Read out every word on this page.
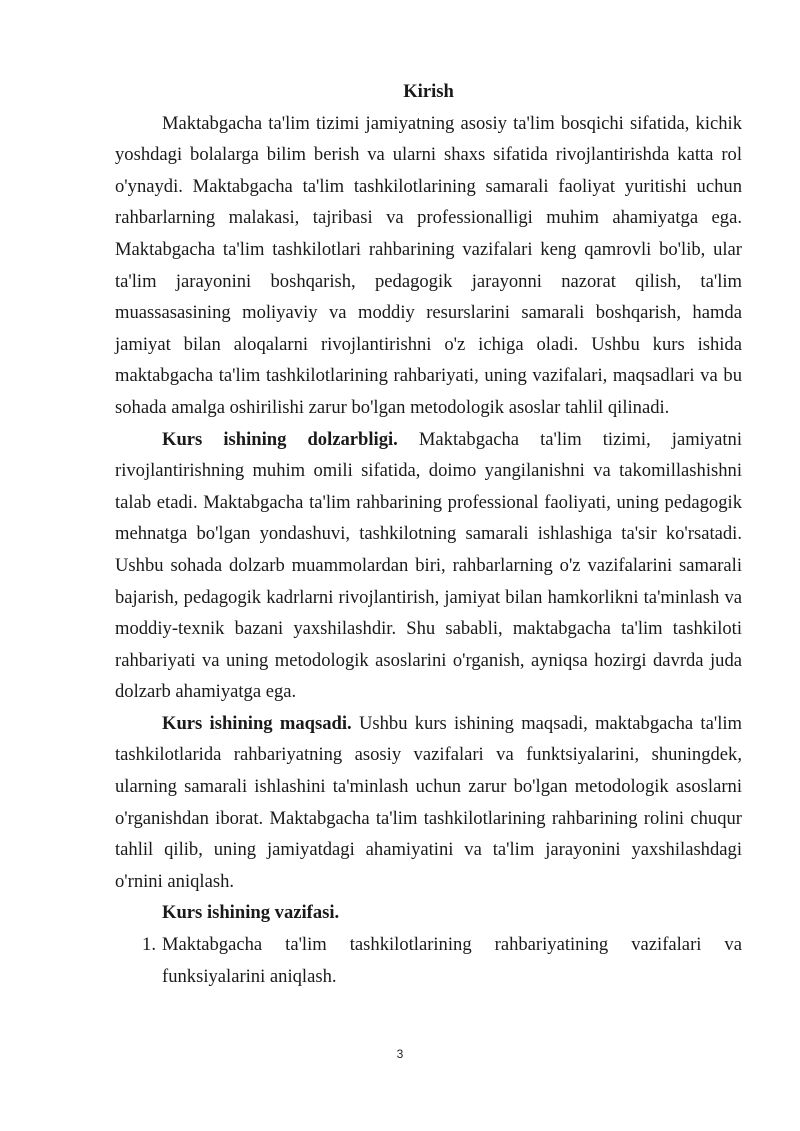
Kirish

Maktabgacha ta'lim tizimi jamiyatning asosiy ta'lim bosqichi sifatida, kichik yoshdagi bolalarga bilim berish va ularni shaxs sifatida rivojlantirishda katta rol o'ynaydi. Maktabgacha ta'lim tashkilotlarining samarali faoliyat yuritishi uchun rahbarlarning malakasi, tajribasi va professionalligi muhim ahamiyatga ega. Maktabgacha ta'lim tashkilotlari rahbarining vazifalari keng qamrovli bo'lib, ular ta'lim jarayonini boshqarish, pedagogik jarayonni nazorat qilish, ta'lim muassasasining moliyaviy va moddiy resurslarini samarali boshqarish, hamda jamiyat bilan aloqalarni rivojlantirishni o'z ichiga oladi. Ushbu kurs ishida maktabgacha ta'lim tashkilotlarining rahbariyati, uning vazifalari, maqsadlari va bu sohada amalga oshirilishi zarur bo'lgan metodologik asoslar tahlil qilinadi.

Kurs ishining dolzarbligi. Maktabgacha ta'lim tizimi, jamiyatni rivojlantirishning muhim omili sifatida, doimo yangilanishni va takomillashishni talab etadi. Maktabgacha ta'lim rahbarining professional faoliyati, uning pedagogik mehnatga bo'lgan yondashuvi, tashkilotning samarali ishlashiga ta'sir ko'rsatadi. Ushbu sohada dolzarb muammolardan biri, rahbarlarning o'z vazifalarini samarali bajarish, pedagogik kadrlarni rivojlantirish, jamiyat bilan hamkorlikni ta'minlash va moddiy-texnik bazani yaxshilashdir. Shu sababli, maktabgacha ta'lim tashkiloti rahbariyati va uning metodologik asoslarini o'rganish, ayniqsa hozirgi davrda juda dolzarb ahamiyatga ega.

Kurs ishining maqsadi. Ushbu kurs ishining maqsadi, maktabgacha ta'lim tashkilotlarida rahbariyatning asosiy vazifalari va funktsiyalarini, shuningdek, ularning samarali ishlashini ta'minlash uchun zarur bo'lgan metodologik asoslarni o'rganishdan iborat. Maktabgacha ta'lim tashkilotlarining rahbarining rolini chuqur tahlil qilib, uning jamiyatdagi ahamiyatini va ta'lim jarayonini yaxshilashdagi o'rnini aniqlash.

Kurs ishining vazifasi.

1. Maktabgacha ta'lim tashkilotlarining rahbariyatining vazifalari va funksiyalarini aniqlash.
3
